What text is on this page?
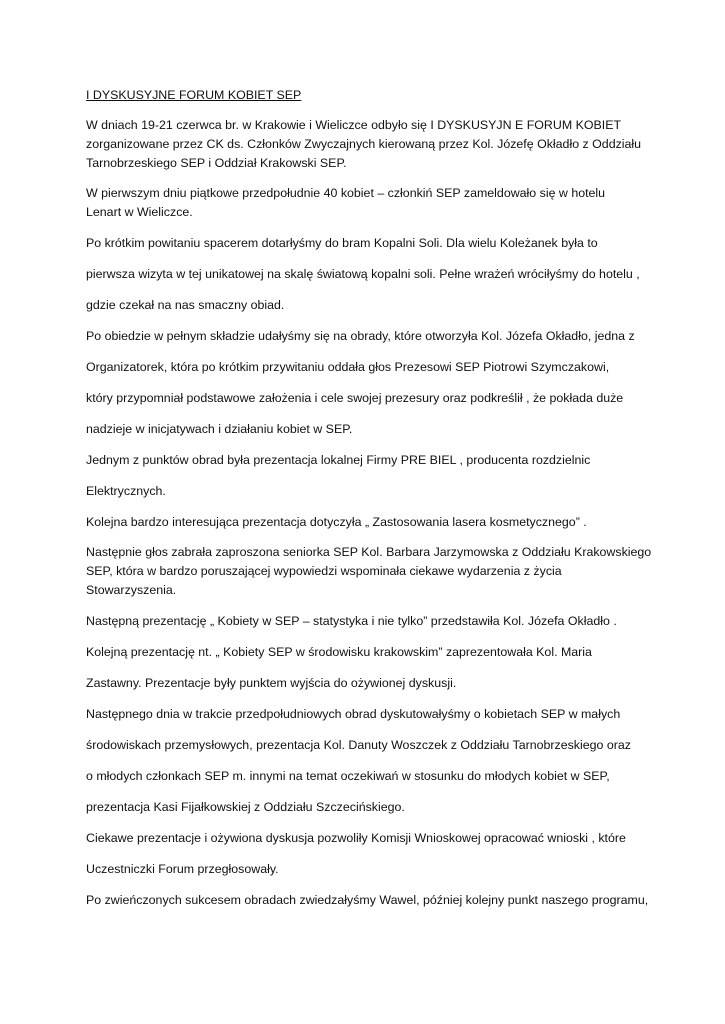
I DYSKUSYJNE FORUM KOBIET SEP

W dniach 19-21 czerwca br. w Krakowie i Wieliczce odbyło się I DYSKUSYJN E FORUM KOBIET

zorganizowane przez CK ds. Członków Zwyczajnych kierowaną przez Kol. Józefę Okładło z Oddziału

Tarnobrzeskiego SEP i Oddział Krakowski SEP.

W pierwszym dniu piątkowe przedpołudnie 40 kobiet – członkiń SEP zameldowało się w hotelu

Lenart w Wieliczce.

Po krótkim powitaniu spacerem dotarłyśmy do bram Kopalni Soli. Dla wielu Koleżanek była to

pierwsza wizyta w tej unikatowej na skalę światową kopalni soli. Pełne wrażeń wróciłyśmy do hotelu ,

gdzie czekał na nas smaczny obiad.

Po obiedzie w pełnym składzie udałyśmy się na obrady, które otworzyła Kol. Józefa Okładło, jedna z

Organizatorek, która po krótkim przywitaniu oddała głos Prezesowi SEP Piotrowi Szymczakowi,

który przypomniał podstawowe założenia i cele swojej prezesury oraz podkreślił , że pokłada duże

nadzieje w inicjatywach i działaniu kobiet w SEP.

Jednym z punktów obrad była prezentacja lokalnej Firmy PRE BIEL , producenta rozdzielnic

Elektrycznych.

Kolejna bardzo interesująca prezentacja dotyczyła „ Zastosowania lasera kosmetycznego” .

Następnie głos zabrała zaproszona seniorka SEP Kol. Barbara Jarzymowska z Oddziału Krakowskiego

SEP, która w bardzo poruszającej wypowiedzi wspominała ciekawe wydarzenia z życia

Stowarzyszenia.

Następną prezentację „ Kobiety w SEP – statystyka i nie tylko” przedstawiła Kol. Józefa Okładło .

Kolejną prezentację nt. „ Kobiety SEP w środowisku krakowskim” zaprezentowała Kol. Maria

Zastawny. Prezentacje były punktem wyjścia do ożywionej dyskusji.

Następnego dnia w trakcie przedpołudniowych obrad dyskutowałyśmy o kobietach SEP w małych

środowiskach przemysłowych, prezentacja Kol. Danuty Woszczek z Oddziału Tarnobrzeskiego oraz

o młodych członkach SEP m. innymi na temat oczekiwań w stosunku do młodych kobiet w SEP,

prezentacja Kasi Fijałkowskiej z Oddziału Szczecińskiego.

Ciekawe prezentacje i ożywiona dyskusja pozwoliły Komisji Wnioskowej opracować wnioski , które

Uczestniczki Forum przegłosowały.

Po zwieńczonych sukcesem obradach zwiedzałyśmy Wawel, później kolejny punkt naszego programu,
